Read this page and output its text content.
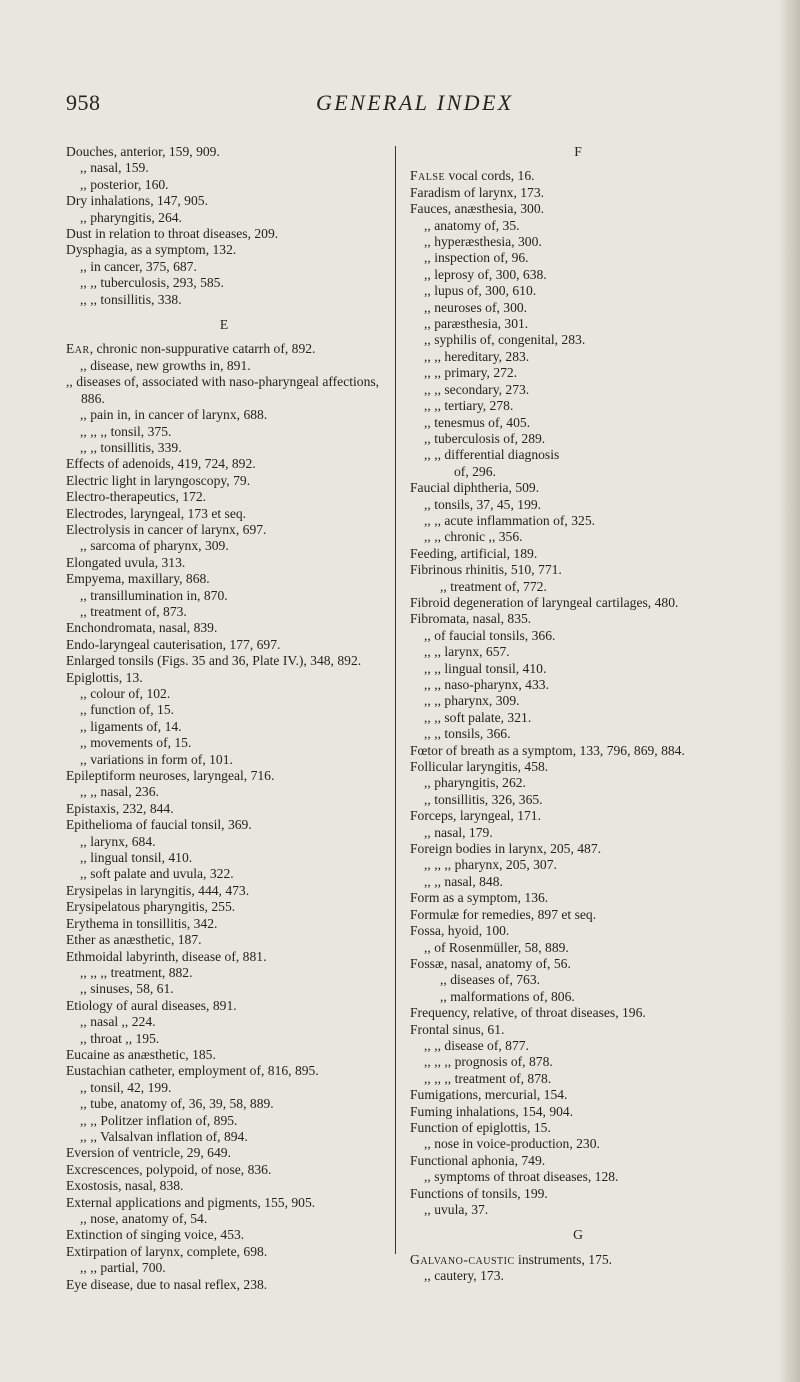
958	GENERAL INDEX
Douches, anterior, 159, 909.
,, nasal, 159.
,, posterior, 160.
Dry inhalations, 147, 905.
,, pharyngitis, 264.
Dust in relation to throat diseases, 209.
Dysphagia, as a symptom, 132.
,, in cancer, 375, 687.
,, ,, tuberculosis, 293, 585.
,, ,, tonsillitis, 338.
E
Ear, chronic non-suppurative catarrh of, 892.
,, disease, new growths in, 891.
,, diseases of, associated with naso-pharyngeal affections, 886.
,, pain in, in cancer of larynx, 688.
,, ,, ,, tonsil, 375.
,, ,, tonsillitis, 339.
Effects of adenoids, 419, 724, 892.
Electric light in laryngoscopy, 79.
Electro-therapeutics, 172.
Electrodes, laryngeal, 173 et seq.
Electrolysis in cancer of larynx, 697.
,, sarcoma of pharynx, 309.
Elongated uvula, 313.
Empyema, maxillary, 868.
,, transillumination in, 870.
,, treatment of, 873.
Enchondromata, nasal, 839.
Endo-laryngeal cauterisation, 177, 697.
Enlarged tonsils (Figs. 35 and 36, Plate IV.), 348, 892.
Epiglottis, 13.
,, colour of, 102.
,, function of, 15.
,, ligaments of, 14.
,, movements of, 15.
,, variations in form of, 101.
Epileptiform neuroses, laryngeal, 716.
,, ,, nasal, 236.
Epistaxis, 232, 844.
Epithelioma of faucial tonsil, 369.
,, larynx, 684.
,, lingual tonsil, 410.
,, soft palate and uvula, 322.
Erysipelas in laryngitis, 444, 473.
Erysipelatous pharyngitis, 255.
Erythema in tonsillitis, 342.
Ether as anæsthetic, 187.
Ethmoidal labyrinth, disease of, 881.
,, ,, ,, treatment, 882.
,, sinuses, 58, 61.
Etiology of aural diseases, 891.
,, nasal ,, 224.
,, throat ,, 195.
Eucaine as anæsthetic, 185.
Eustachian catheter, employment of, 816, 895.
,, tonsil, 42, 199.
,, tube, anatomy of, 36, 39, 58, 889.
,, ,, Politzer inflation of, 895.
,, ,, Valsalvan inflation of, 894.
Eversion of ventricle, 29, 649.
Excrescences, polypoid, of nose, 836.
Exostosis, nasal, 838.
External applications and pigments, 155, 905.
,, nose, anatomy of, 54.
Extinction of singing voice, 453.
Extirpation of larynx, complete, 698.
,, ,, partial, 700.
Eye disease, due to nasal reflex, 238.
F
False vocal cords, 16.
Faradism of larynx, 173.
Fauces, anæsthesia, 300.
,, anatomy of, 35.
,, hyperæsthesia, 300.
,, inspection of, 96.
,, leprosy of, 300, 638.
,, lupus of, 300, 610.
,, neuroses of, 300.
,, paræsthesia, 301.
,, syphilis of, congenital, 283.
,, ,, hereditary, 283.
,, ,, primary, 272.
,, ,, secondary, 273.
,, ,, tertiary, 278.
,, tenesmus of, 405.
,, tuberculosis of, 289.
,, ,, differential diagnosis
of, 296.
Faucial diphtheria, 509.
,, tonsils, 37, 45, 199.
,, ,, acute inflammation of, 325.
,, ,, chronic ,, 356.
Feeding, artificial, 189.
Fibrinous rhinitis, 510, 771.
,, treatment of, 772.
Fibroid degeneration of laryngeal cartilages, 480.
Fibromata, nasal, 835.
,, of faucial tonsils, 366.
,, ,, larynx, 657.
,, ,, lingual tonsil, 410.
,, ,, naso-pharynx, 433.
,, ,, pharynx, 309.
,, ,, soft palate, 321.
,, ,, tonsils, 366.
Fœtor of breath as a symptom, 133, 796, 869, 884.
Follicular laryngitis, 458.
,, pharyngitis, 262.
,, tonsillitis, 326, 365.
Forceps, laryngeal, 171.
,, nasal, 179.
Foreign bodies in larynx, 205, 487.
,, ,, ,, pharynx, 205, 307.
,, ,, nasal, 848.
Form as a symptom, 136.
Formulæ for remedies, 897 et seq.
Fossa, hyoid, 100.
,, of Rosenmüller, 58, 889.
Fossæ, nasal, anatomy of, 56.
,, diseases of, 763.
,, malformations of, 806.
Frequency, relative, of throat diseases, 196.
Frontal sinus, 61.
,, ,, disease of, 877.
,, ,, ,, prognosis of, 878.
,, ,, ,, treatment of, 878.
Fumigations, mercurial, 154.
Fuming inhalations, 154, 904.
Function of epiglottis, 15.
,, nose in voice-production, 230.
Functional aphonia, 749.
,, symptoms of throat diseases, 128.
Functions of tonsils, 199.
,, uvula, 37.
G
Galvano-caustic instruments, 175.
,, cautery, 173.
